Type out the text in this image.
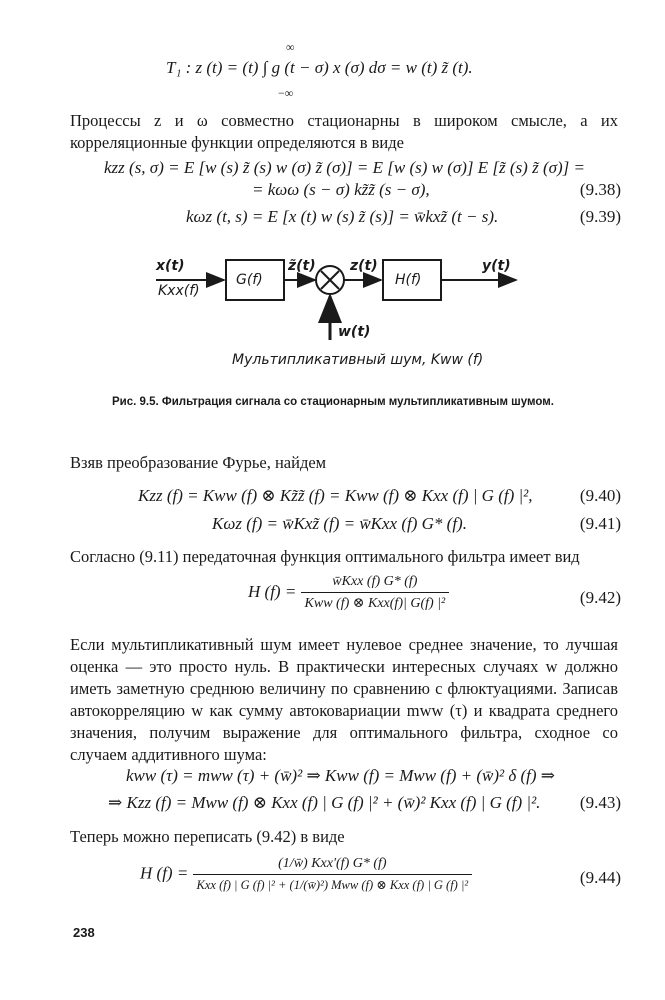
T₁ : z (t) = (t) ∫ g (t − σ) x (σ) dσ = w (t) z̃ (t).
∞
−∞
Процессы z и ω совместно стационарны в широком смысле, а их корреляционные функции определяются в виде
kzz (s, σ) = E [w (s) z̃ (s) w (σ) z̃ (σ)] = E [w (s) w (σ)] E [z̃ (s) z̃ (σ)] =
= kωω (s − σ) kz̃z̃ (s − σ),	(9.38)
kωz (t, s) = E [x (t) w (s) z̃ (s)] = w̄kxz̃ (t − s).	(9.39)
x(t)
Kxx(f)
G(f)
z̃(t) z(t)
H(f)
y(t)
w(t)
Мультипликативный шум, Kww (f)
Рис. 9.5. Фильтрация сигнала со стационарным мультипликативным шумом.
Взяв преобразование Фурье, найдем
Kzz (f) = Kww (f) ⊗ Kz̃z̃ (f) = Kww (f) ⊗ Kxx (f) | G (f) |²,	(9.40)
Kωz (f) = w̄Kxz̃ (f) = w̄Kxx (f) G* (f).	(9.41)
Согласно (9.11) передаточная функция оптимального фильтра имеет вид
H $(f) = \frac{\text{w̄Kxx (f) G* (f)}}{\text{Kww (f) ⊗ Kxx(f)| G(f) |²}}$	(9.42)
Если мультипликативный шум имеет нулевое среднее значение, то лучшая оценка — это просто нуль. В практически интересных случаях w должно иметь заметную среднюю величину по сравнению с флюктуациями. Записав автокорреляцию w как сумму автоковариации mww (τ) и квадрата среднего значения, получим выражение для оптимального фильтра, сходное со случаем аддитивного шума:
kww (τ) = mww (τ) + (w̄)² ⇒ Kww (f) = Mww (f) + (w̄)² δ (f) ⇒
⇒ Kzz (f) = Mww (f) ⊗ Kxx (f) | G (f) |² + (w̄)² Kxx (f) | G (f) |². (9.43)
Теперь можно переписать (9.42) в виде
H $(f) = \frac{\text{(1/w̄) Kxx′(f) G* (f)}}{\text{Kxx (f) | G (f) |² + (1/(w̄)²) Mww (f) ⊗ Kxx (f) | G (f) |²}}$	(9.44)
238
